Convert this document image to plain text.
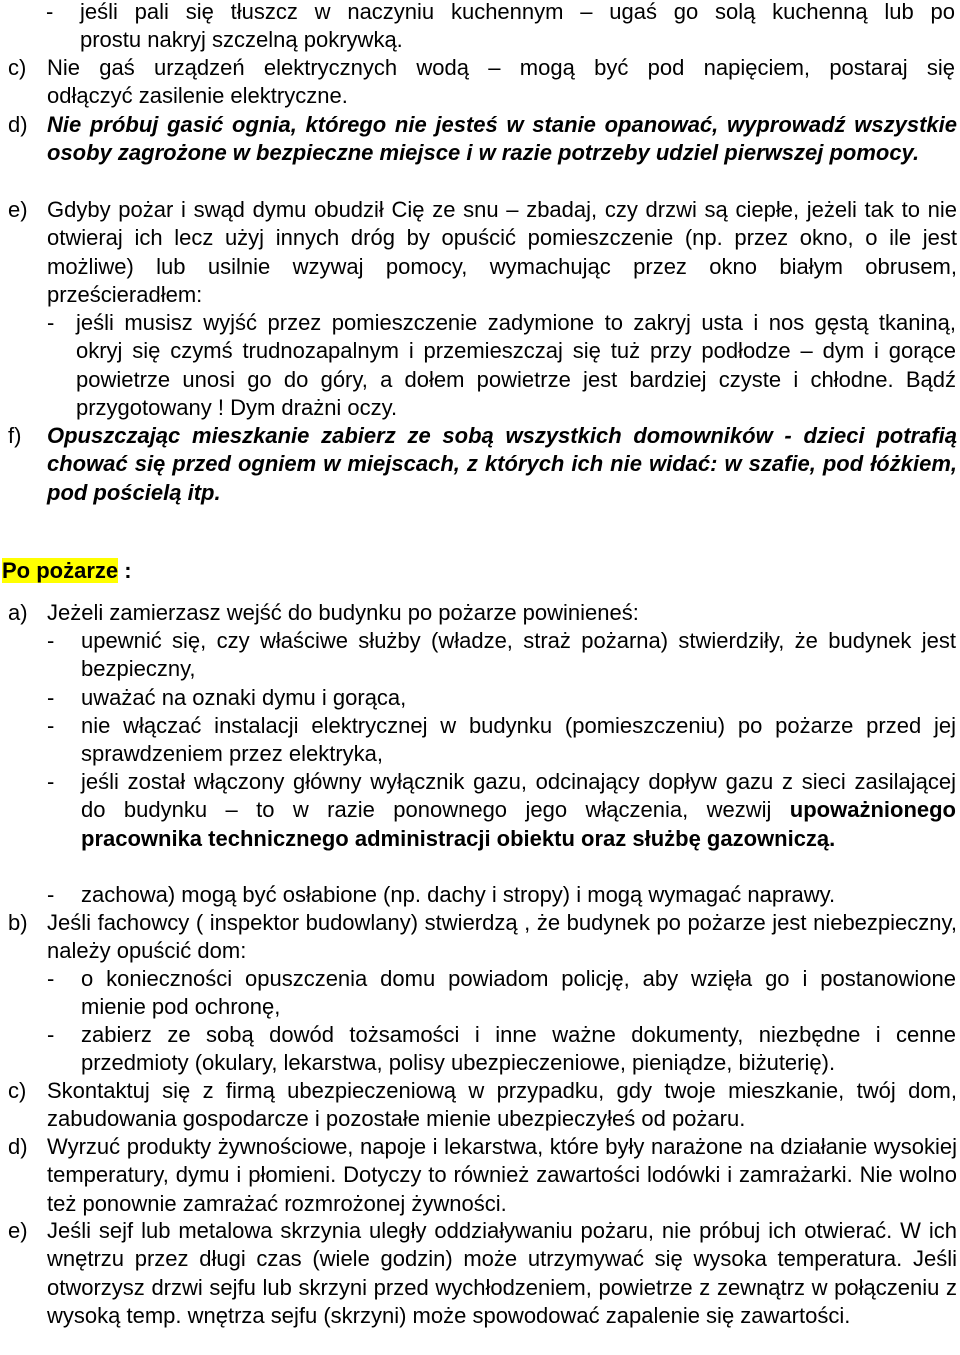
- jeśli pali się tłuszcz w naczyniu kuchennym – ugaś go solą kuchenną lub po
prostu nakryj szczelną pokrywką.
c) Nie gaś urządzeń elektrycznych wodą – mogą być pod napięciem, postaraj się
odłączyć zasilenie elektryczne.
d) Nie próbuj gasić ognia, którego nie jesteś w stanie opanować, wyprowadź wszystkie osoby zagrożone w bezpieczne miejsce i w razie potrzeby udziel pierwszej pomocy.

e) Gdyby pożar i swąd dymu obudził Cię ze snu – zbadaj, czy drzwi są ciepłe, jeżeli tak to nie otwieraj ich lecz użyj innych dróg by opuścić pomieszczenie (np. przez okno, o ile jest możliwe) lub usilnie wzywaj pomocy, wymachując przez okno białym obrusem, prześcieradłem:

- jeśli musisz wyjść przez pomieszczenie zadymione to zakryj usta i nos gęstą tkaniną, okryj się czymś trudnozapalnym i przemieszczaj się tuż przy podłodze – dym i gorące powietrze unosi go do góry, a dołem powietrze jest bardziej czyste i chłodne. Bądź przygotowany ! Dym drażni oczy.

f) Opuszczając mieszkanie zabierz ze sobą wszystkich domowników - dzieci potrafią chować się przed ogniem w miejscach, z których ich nie widać: w szafie, pod łóżkiem, pod pościelą itp.

Po pożarze :
a) Jeżeli zamierzasz wejść do budynku po pożarze powinieneś:

- upewnić się, czy właściwe służby (władze, straż pożarna) stwierdziły, że budynek jest bezpieczny,

- uważać na oznaki dymu i gorąca,

- nie włączać instalacji elektrycznej w budynku (pomieszczeniu) po pożarze przed jej sprawdzeniem przez elektryka,

- jeśli został włączony główny wyłącznik gazu, odcinający dopływ gazu z sieci zasilającej do budynku – to w razie ponownego jego włączenia, wezwij upoważnionego pracownika technicznego administracji obiektu oraz służbę gazowniczą.

- zachowa) mogą być osłabione (np. dachy i stropy) i mogą wymagać naprawy.

b) Jeśli fachowcy ( inspektor budowlany) stwierdzą , że budynek po pożarze jest niebezpieczny, należy opuścić dom:

- o konieczności opuszczenia domu powiadom policję, aby wzięła go i postanowione mienie pod ochronę,

- zabierz ze sobą dowód tożsamości i inne ważne dokumenty, niezbędne i cenne przedmioty (okulary, lekarstwa, polisy ubezpieczeniowe, pieniądze, biżuterię).

c) Skontaktuj się z firmą ubezpieczeniową w przypadku, gdy twoje mieszkanie, twój dom, zabudowania gospodarcze i pozostałe mienie ubezpieczyłeś od pożaru.

d) Wyrzuć produkty żywnościowe, napoje i lekarstwa, które były narażone na działanie wysokiej temperatury, dymu i płomieni. Dotyczy to również zawartości lodówki i zamrażarki. Nie wolno też ponownie zamrażać rozmrożonej żywności.

e) Jeśli sejf lub metalowa skrzynia uległy oddziaływaniu pożaru, nie próbuj ich otwierać. W ich wnętrzu przez długi czas (wiele godzin) może utrzymywać się wysoka temperatura. Jeśli otworzysz drzwi sejfu lub skrzyni przed wychłodzeniem, powietrze z zewnątrz w połączeniu z wysoką temp. wnętrza sejfu (skrzyni) może spowodować zapalenie się zawartości.
